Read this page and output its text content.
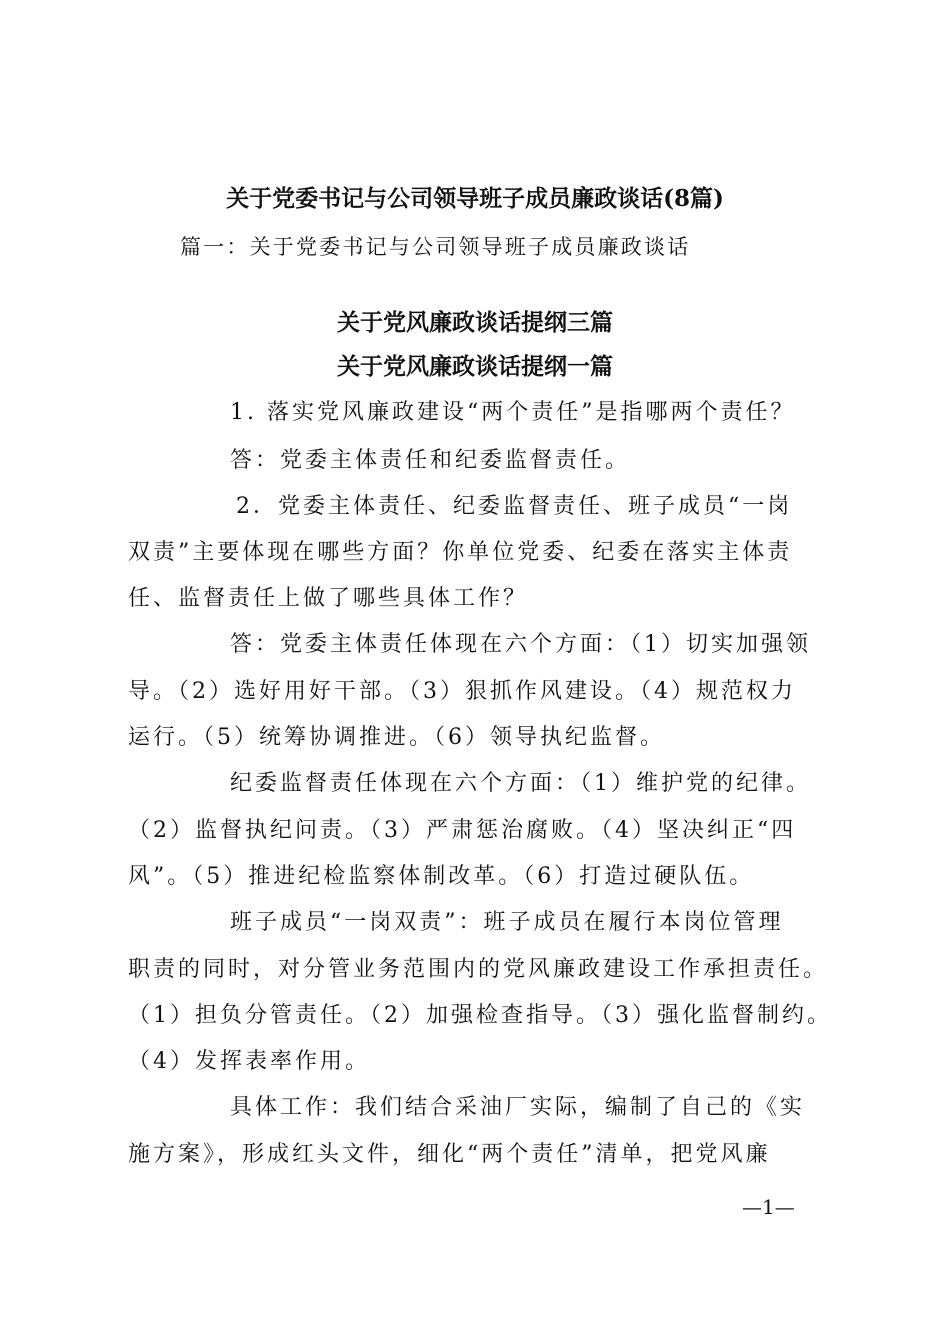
关于党委书记与公司领导班子成员廉政谈话(8篇)
篇一：关于党委书记与公司领导班子成员廉政谈话
关于党风廉政谈话提纲三篇
关于党风廉政谈话提纲一篇
1. 落实党风廉政建设“两个责任”是指哪两个责任？
答：党委主体责任和纪委监督责任。
2．党委主体责任、纪委监督责任、班子成员“一岗
双责”主要体现在哪些方面？你单位党委、纪委在落实主体责
任、监督责任上做了哪些具体工作？
答：党委主体责任体现在六个方面：（1）切实加强领
导。（2）选好用好干部。（3）狠抓作风建设。（4）规范权力
运行。（5）统筹协调推进。（6）领导执纪监督。
纪委监督责任体现在六个方面：（1）维护党的纪律。
（2）监督执纪问责。（3）严肃惩治腐败。（4）坚决纠正“四
风”。（5）推进纪检监察体制改革。（6）打造过硬队伍。
班子成员“一岗双责”：班子成员在履行本岗位管理
职责的同时，对分管业务范围内的党风廉政建设工作承担责任。
（1）担负分管责任。（2）加强检查指导。（3）强化监督制约。
（4）发挥表率作用。
具体工作：我们结合采油厂实际，编制了自己的《实
施方案》，形成红头文件，细化“两个责任”清单，把党风廉
—1—
